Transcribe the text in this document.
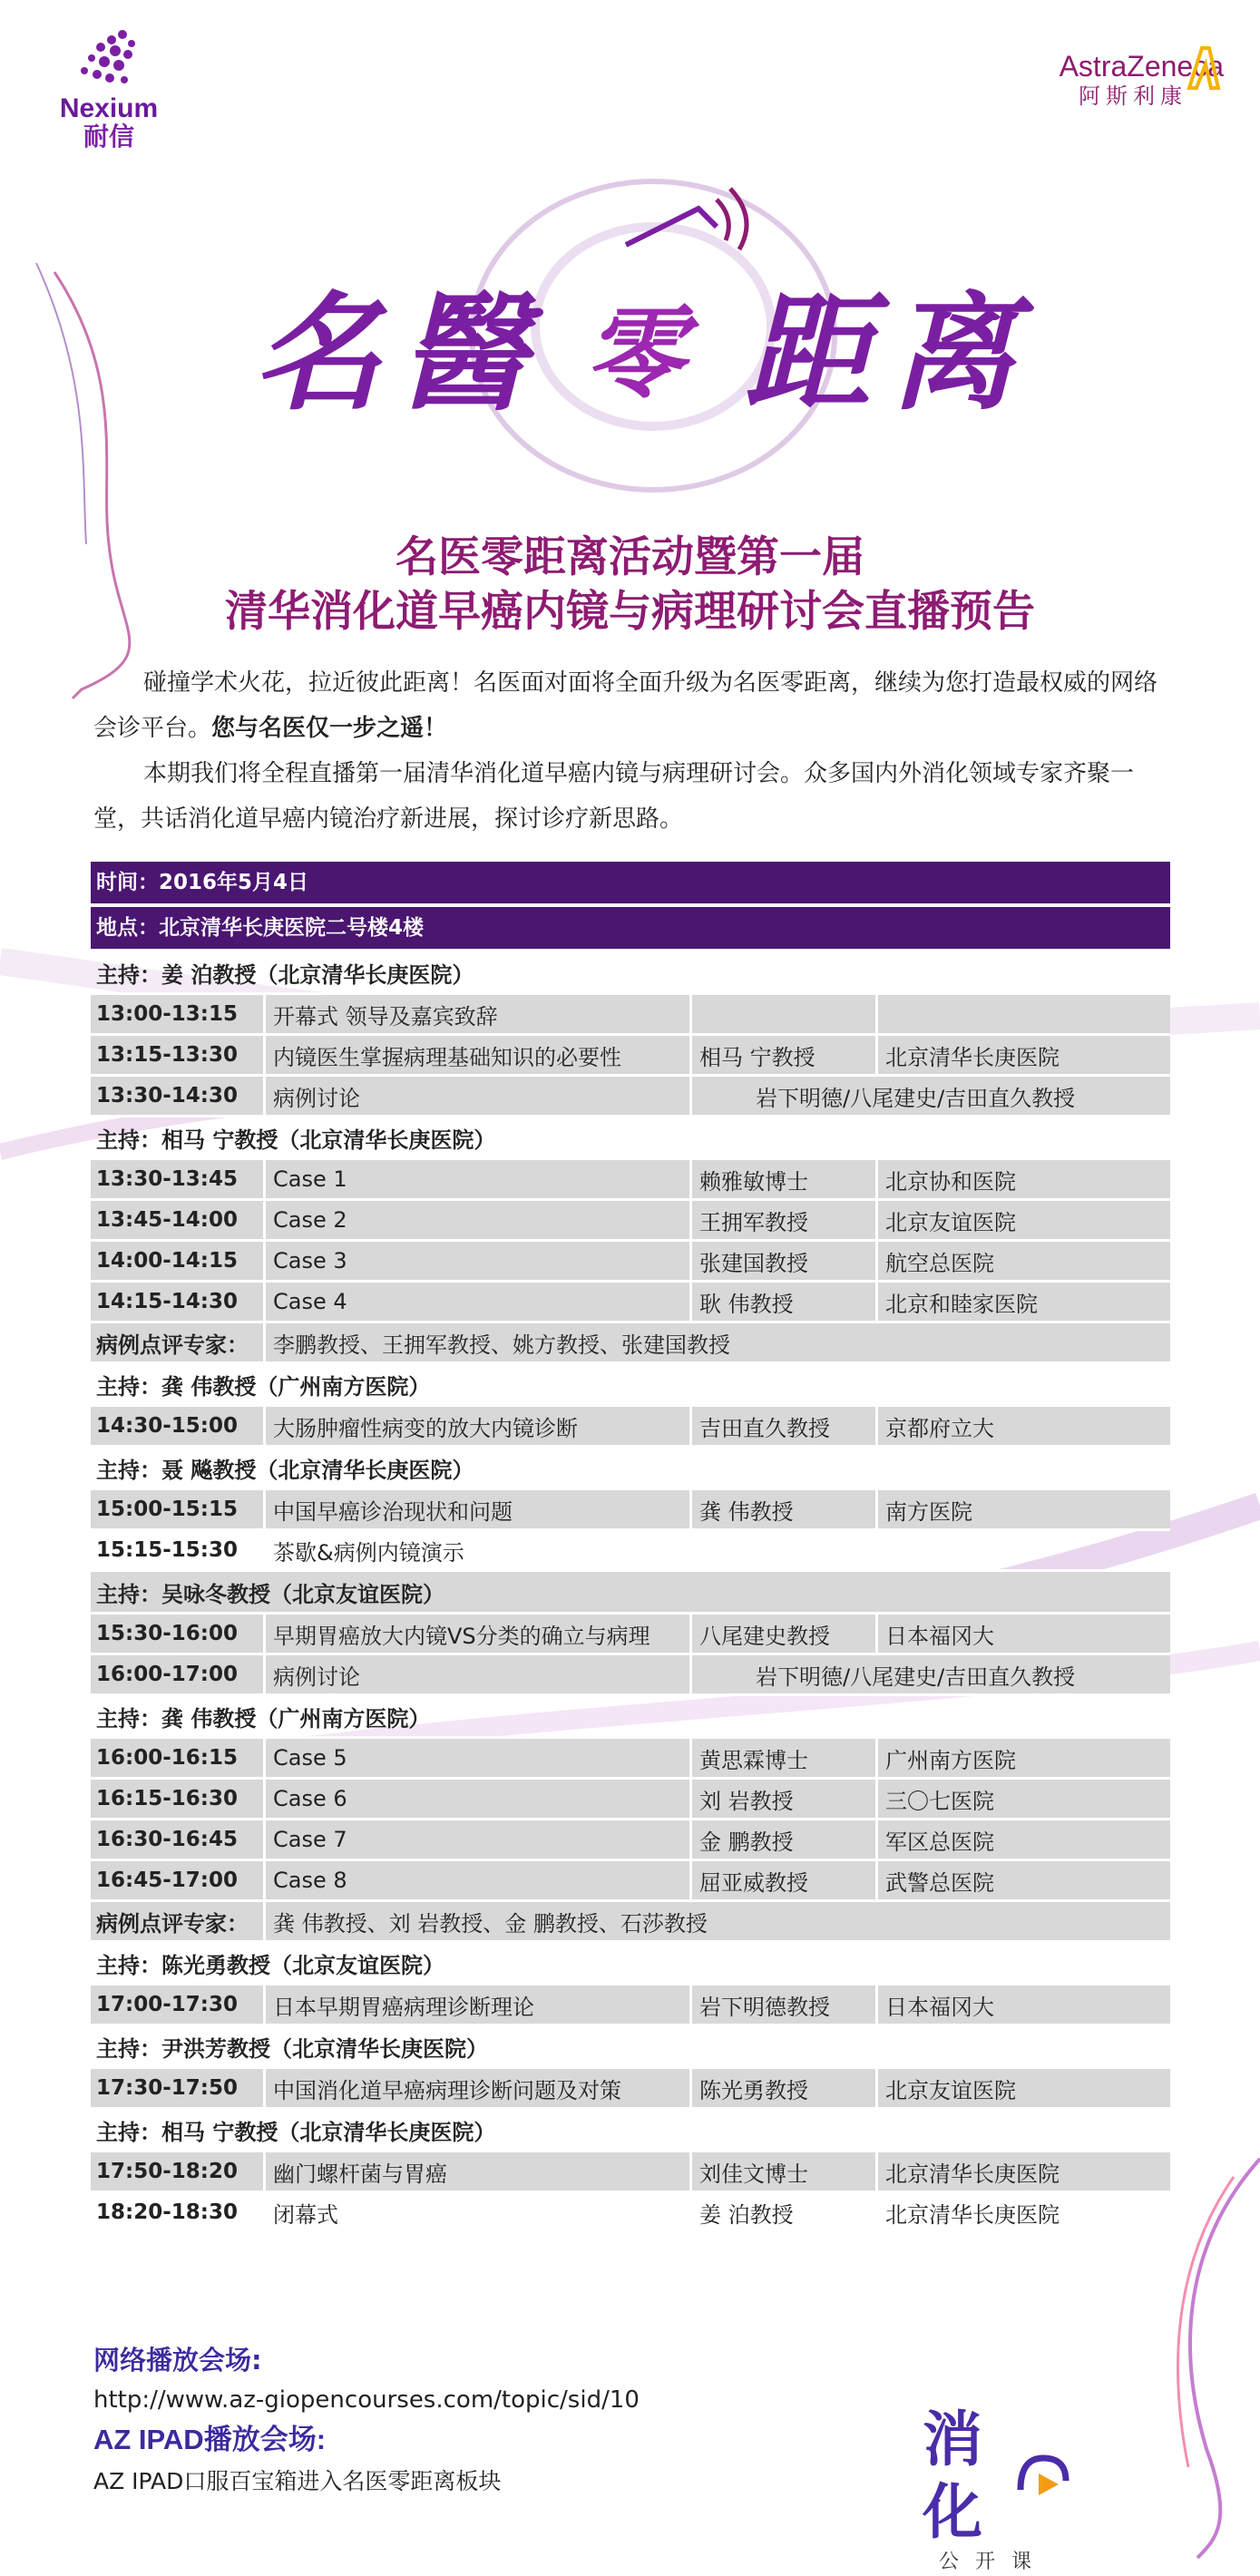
Nexium
耐信
AstraZeneca
阿斯利康
名 醫 零 距 离
名医零距离活动暨第一届
清华消化道早癌内镜与病理研讨会直播预告

碰撞学术火花，拉近彼此距离！名医面对面将全面升级为名医零距离，继续为您打造最权威的网络会诊平台。您与名医仅一步之遥！

本期我们将全程直播第一届清华消化道早癌内镜与病理研讨会。众多国内外消化领域专家齐聚一堂，共话消化道早癌内镜治疗新进展，探讨诊疗新思路。

时间：2016年5月4日
地点：北京清华长庚医院二号楼4楼
主持：姜 泊教授（北京清华长庚医院）
13:00-13:15	开幕式 领导及嘉宾致辞
13:15-13:30	内镜医生掌握病理基础知识的必要性	相马 宁教授	北京清华长庚医院
13:30-14:30	病例讨论	岩下明德/八尾建史/吉田直久教授
主持：相马 宁教授（北京清华长庚医院）
13:30-13:45	Case 1	赖雅敏博士	北京协和医院
13:45-14:00	Case 2	王拥军教授	北京友谊医院
14:00-14:15	Case 3	张建国教授	航空总医院
14:15-14:30	Case 4	耿 伟教授	北京和睦家医院
病例点评专家：	李鹏教授、王拥军教授、姚方教授、张建国教授
主持：龚 伟教授（广州南方医院）
14:30-15:00	大肠肿瘤性病变的放大内镜诊断	吉田直久教授	京都府立大
主持：聂 飚教授（北京清华长庚医院）
15:00-15:15	中国早癌诊治现状和问题	龚 伟教授	南方医院
15:15-15:30	茶歇&病例内镜演示
主持：吴咏冬教授（北京友谊医院）
15:30-16:00	早期胃癌放大内镜VS分类的确立与病理	八尾建史教授	日本福冈大
16:00-17:00	病例讨论	岩下明德/八尾建史/吉田直久教授
主持：龚 伟教授（广州南方医院）
16:00-16:15	Case 5	黄思霖博士	广州南方医院
16:15-16:30	Case 6	刘 岩教授	三〇七医院
16:30-16:45	Case 7	金 鹏教授	军区总医院
16:45-17:00	Case 8	屈亚威教授	武警总医院
病例点评专家：	龚 伟教授、刘 岩教授、金 鹏教授、石莎教授
主持：陈光勇教授（北京友谊医院）
17:00-17:30	日本早期胃癌病理诊断理论	岩下明德教授	日本福冈大
主持：尹洪芳教授（北京清华长庚医院）
17:30-17:50	中国消化道早癌病理诊断问题及对策	陈光勇教授	北京友谊医院
主持：相马 宁教授（北京清华长庚医院）
17:50-18:20	幽门螺杆菌与胃癌	刘佳文博士	北京清华长庚医院
18:20-18:30	闭幕式	姜 泊教授	北京清华长庚医院
网络播放会场:
http://www.az-giopencourses.com/topic/sid/10
AZ IPAD播放会场:
AZ IPAD口服百宝箱进入名医零距离板块
消化
公开课
